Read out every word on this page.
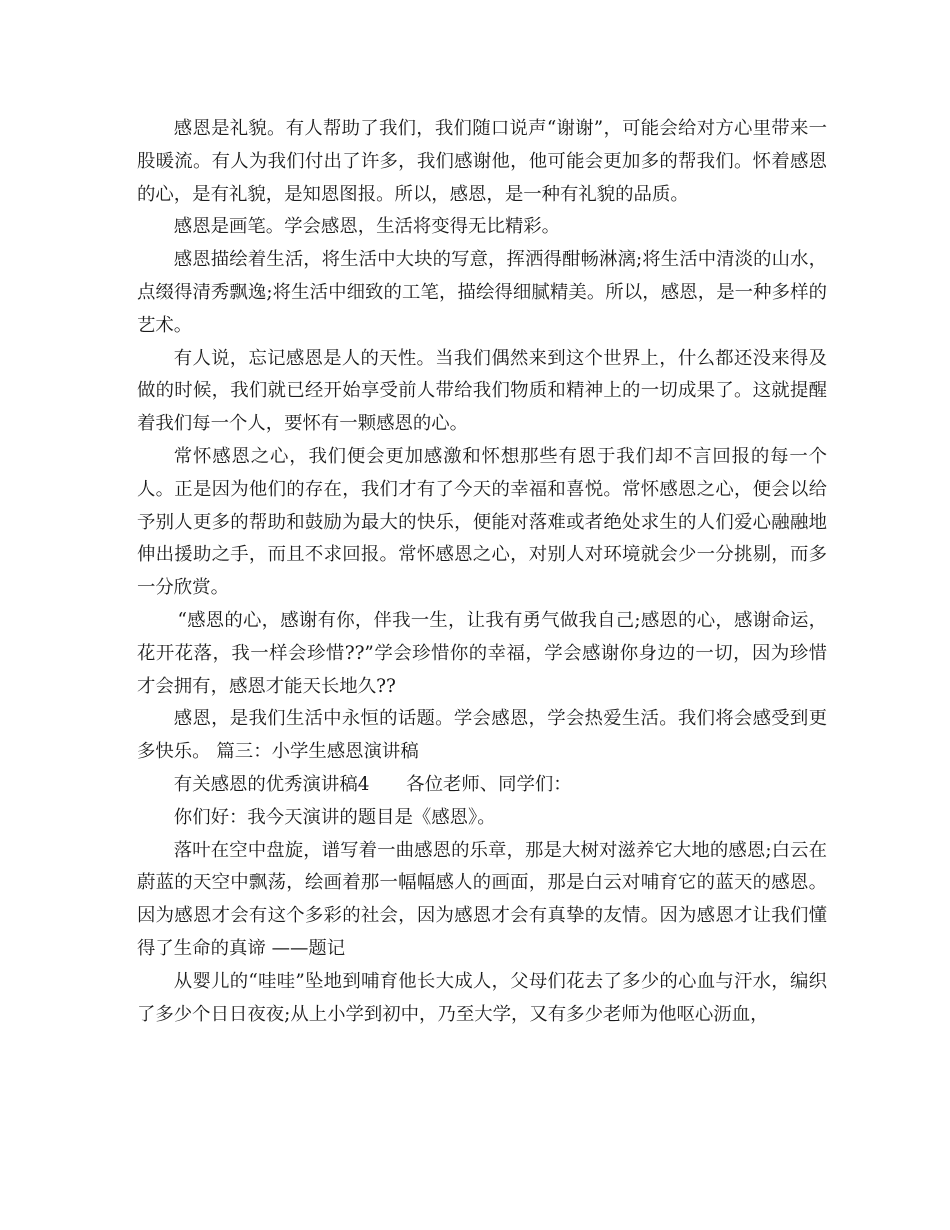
感恩是礼貌。有人帮助了我们，我们随口说声“谢谢”，可能会给对方心里带来一股暖流。有人为我们付出了许多，我们感谢他，他可能会更加多的帮我们。怀着感恩的心，是有礼貌，是知恩图报。所以，感恩，是一种有礼貌的品质。

感恩是画笔。学会感恩，生活将变得无比精彩。

感恩描绘着生活，将生活中大块的写意，挥洒得酣畅淋漓;将生活中清淡的山水，点缀得清秀飘逸;将生活中细致的工笔，描绘得细腻精美。所以，感恩，是一种多样的艺术。

有人说，忘记感恩是人的天性。当我们偶然来到这个世界上，什么都还没来得及做的时候，我们就已经开始享受前人带给我们物质和精神上的一切成果了。这就提醒着我们每一个人，要怀有一颗感恩的心。

常怀感恩之心，我们便会更加感激和怀想那些有恩于我们却不言回报的每一个人。正是因为他们的存在，我们才有了今天的幸福和喜悦。常怀感恩之心，便会以给予别人更多的帮助和鼓励为最大的快乐，便能对落难或者绝处求生的人们爱心融融地伸出援助之手，而且不求回报。常怀感恩之心，对别人对环境就会少一分挑剔，而多一分欣赏。

“感恩的心，感谢有你，伴我一生，让我有勇气做我自己;感恩的心，感谢命运，花开花落，我一样会珍惜??”学会珍惜你的幸福，学会感谢你身边的一切，因为珍惜才会拥有，感恩才能天长地久??

感恩，是我们生活中永恒的话题。学会感恩，学会热爱生活。我们将会感受到更多快乐。 篇三：小学生感恩演讲稿

有关感恩的优秀演讲稿4　　各位老师、同学们：

你们好：我今天演讲的题目是《感恩》。

落叶在空中盘旋，谱写着一曲感恩的乐章，那是大树对滋养它大地的感恩;白云在蔚蓝的天空中飘荡，绘画着那一幅幅感人的画面，那是白云对哺育它的蓝天的感恩。因为感恩才会有这个多彩的社会，因为感恩才会有真挚的友情。因为感恩才让我们懂得了生命的真谛 ——题记

从婴儿的“哇哇”坠地到哺育他长大成人，父母们花去了多少的心血与汗水，编织了多少个日日夜夜;从上小学到初中，乃至大学，又有多少老师为他呕心沥血，
